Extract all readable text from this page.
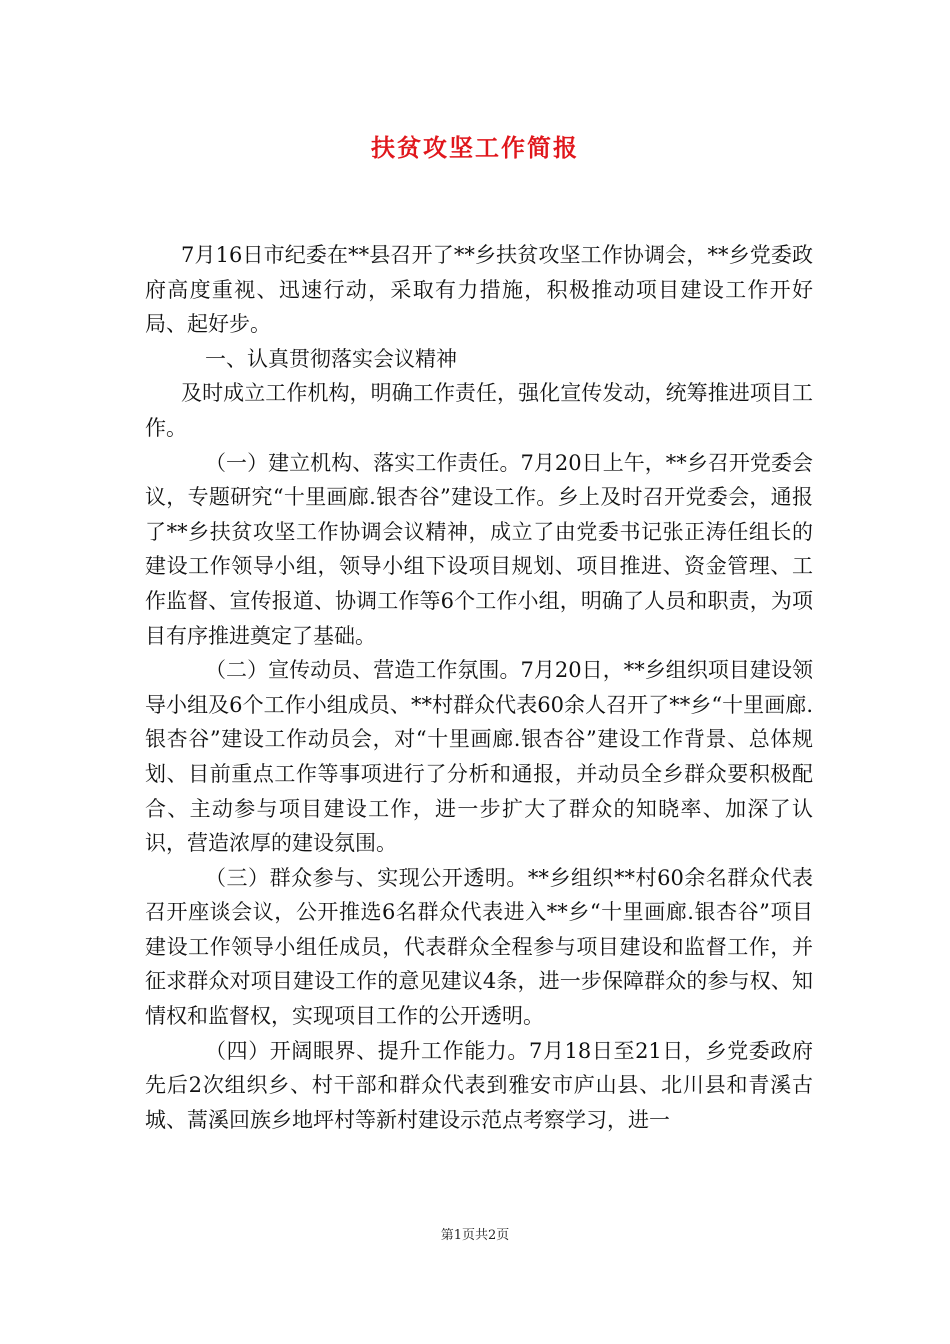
扶贫攻坚工作简报

7月16日市纪委在**县召开了**乡扶贫攻坚工作协调会，**乡党委政府高度重视、迅速行动，采取有力措施，积极推动项目建设工作开好局、起好步。

一、认真贯彻落实会议精神

及时成立工作机构，明确工作责任，强化宣传发动，统筹推进项目工作。

（一）建立机构、落实工作责任。7月20日上午，**乡召开党委会议，专题研究“十里画廊.银杏谷”建设工作。乡上及时召开党委会，通报了**乡扶贫攻坚工作协调会议精神，成立了由党委书记张正涛任组长的建设工作领导小组，领导小组下设项目规划、项目推进、资金管理、工作监督、宣传报道、协调工作等6个工作小组，明确了人员和职责，为项目有序推进奠定了基础。

（二）宣传动员、营造工作氛围。7月20日，**乡组织项目建设领导小组及6个工作小组成员、**村群众代表60余人召开了**乡“十里画廊.银杏谷”建设工作动员会，对“十里画廊.银杏谷”建设工作背景、总体规划、目前重点工作等事项进行了分析和通报，并动员全乡群众要积极配合、主动参与项目建设工作，进一步扩大了群众的知晓率、加深了认识，营造浓厚的建设氛围。

（三）群众参与、实现公开透明。**乡组织**村60余名群众代表召开座谈会议，公开推选6名群众代表进入**乡“十里画廊.银杏谷”项目建设工作领导小组任成员，代表群众全程参与项目建设和监督工作，并征求群众对项目建设工作的意见建议4条，进一步保障群众的参与权、知情权和监督权，实现项目工作的公开透明。

（四）开阔眼界、提升工作能力。7月18日至21日，乡党委政府先后2次组织乡、村干部和群众代表到雅安市庐山县、北川县和青溪古城、蒿溪回族乡地坪村等新村建设示范点考察学习，进一

第1页共2页
